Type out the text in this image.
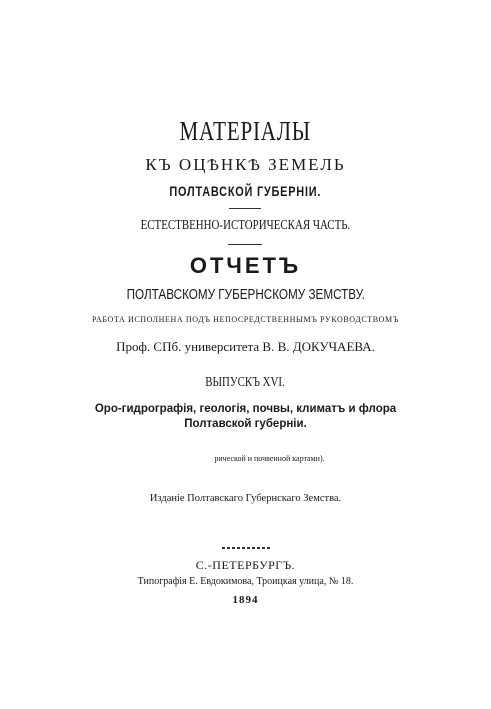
МАТЕРІАЛЫ
КЪ ОЦѢНКѢ ЗЕМЕЛЬ
ПОЛТАВСКОЙ ГУБЕРНІИ.
ЕСТЕСТВЕННО-ИСТОРИЧЕСКАЯ ЧАСТЬ.
ОТЧЕТЪ
ПОЛТАВСКОМУ ГУБЕРНСКОМУ ЗЕМСТВУ.
РАБОТА ИСПОЛНЕНА ПОДЪ НЕПОСРЕДСТВЕННЫМЪ РУКОВОДСТВОМЪ
Проф. СПб. университета В. В. ДОКУЧАЕВА.
ВЫПУСКЪ XVI.
Оро-гидрографія, геологія, почвы, климатъ и флора
Полтавской губерніи.
рической и почвенной картами).
Изданіе Полтавскаго Губернскаго Земства.
С.-ПЕТЕРБУРГЪ.
Типографія Е. Евдокимова, Троицкая улица, № 18.
1894
